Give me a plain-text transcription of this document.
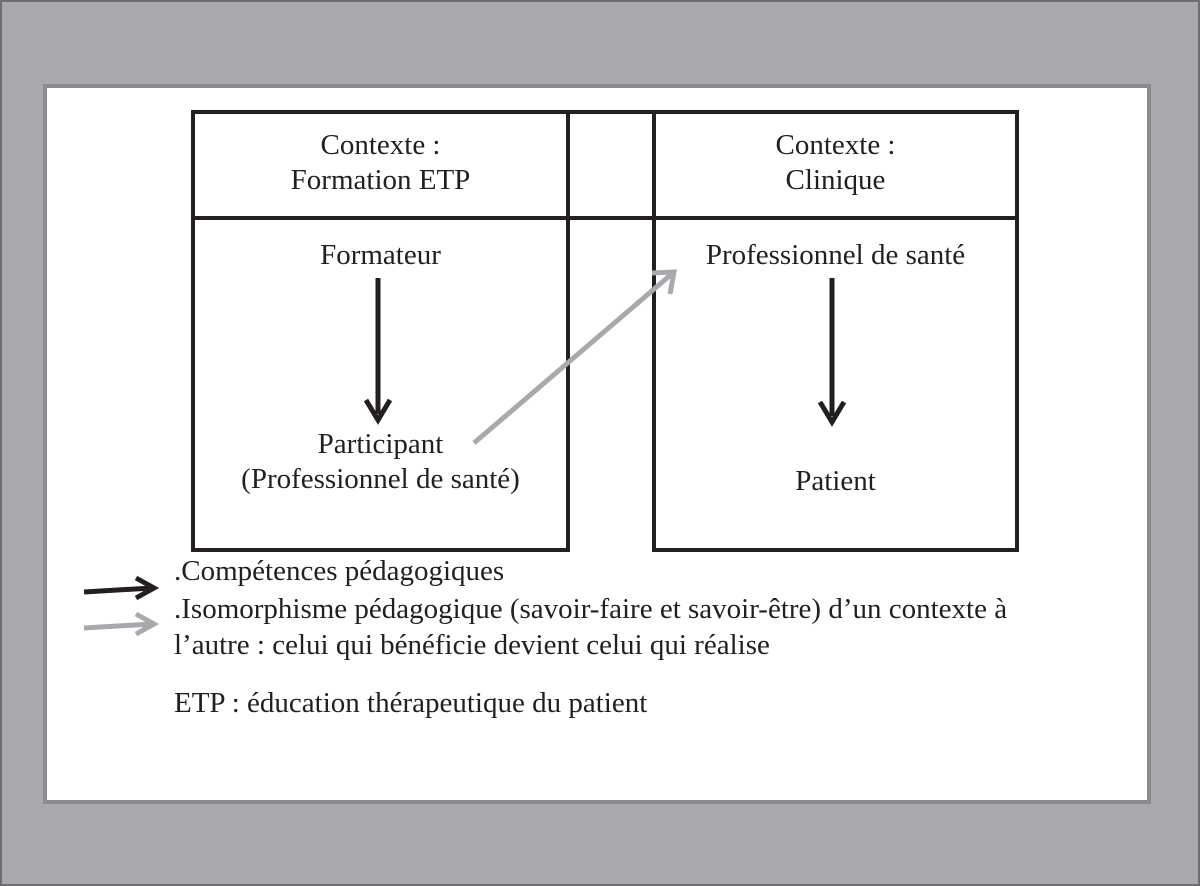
Contexte :
Formation ETP
Formateur
Participant
(Professionnel de santé)
Contexte :
Clinique
Professionnel de santé
Patient
.Compétences pédagogiques
.Isomorphisme pédagogique (savoir-faire et savoir-être) d’un contexte à
l’autre : celui qui bénéficie devient celui qui réalise
ETP : éducation thérapeutique du patient
